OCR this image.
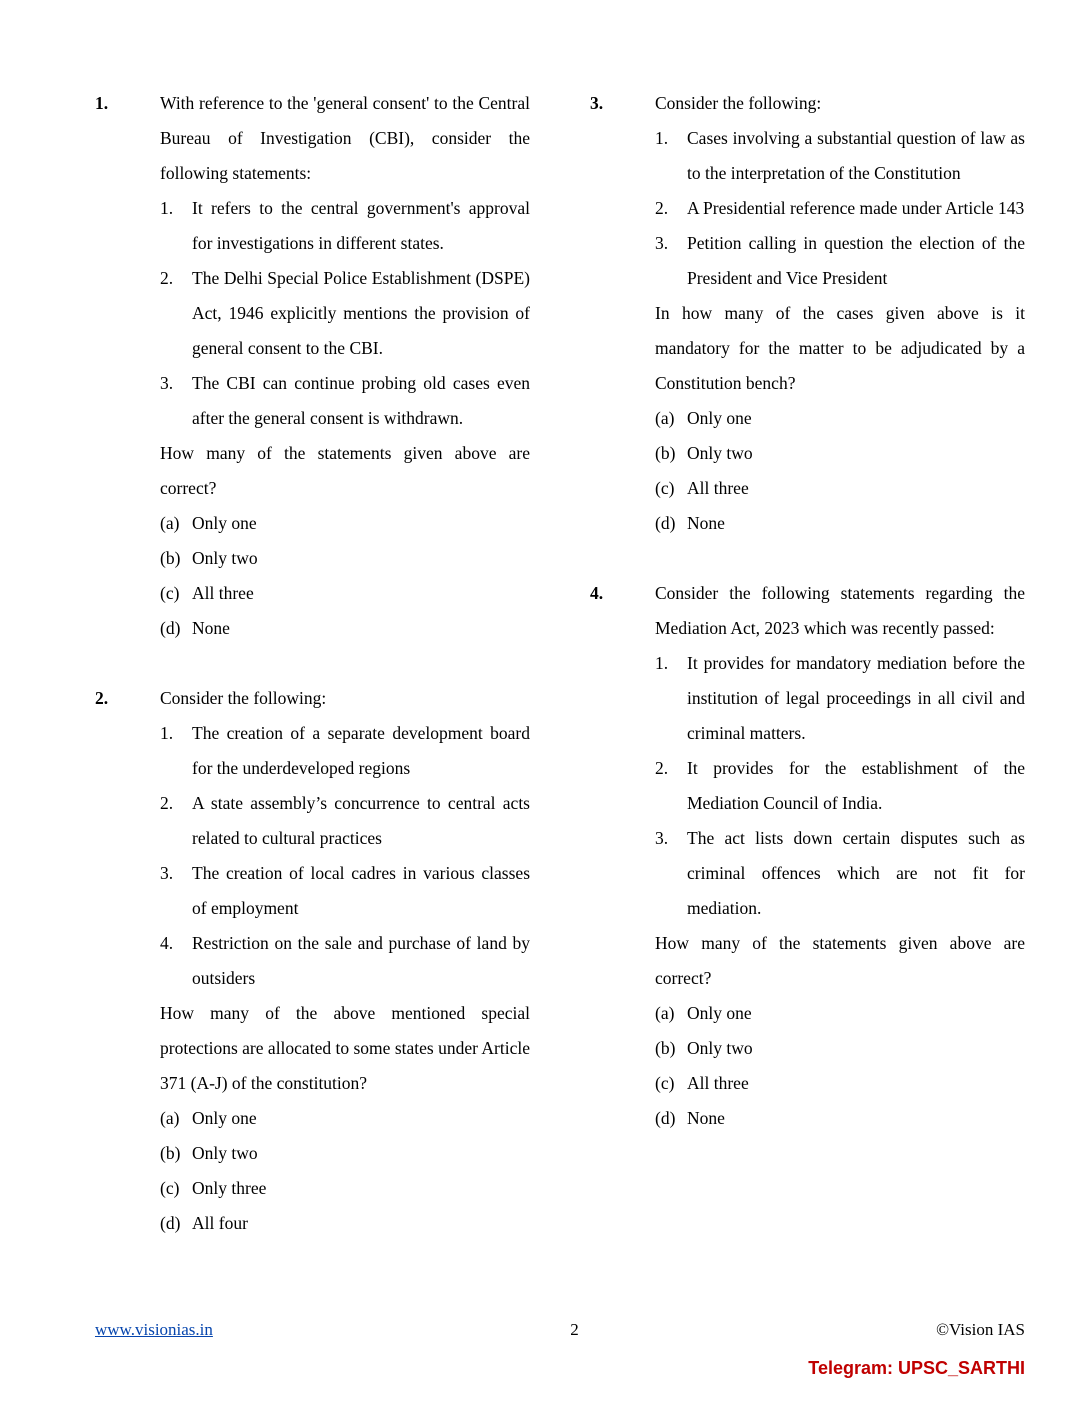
1.	With reference to the 'general consent' to the Central Bureau of Investigation (CBI), consider the following statements:

1.	It refers to the central government's approval for investigations in different states.
2.	The Delhi Special Police Establishment (DSPE) Act, 1946 explicitly mentions the provision of general consent to the CBI.
3.	The CBI can continue probing old cases even after the general consent is withdrawn.

How many of the statements given above are correct?

(a) Only one
(b) Only two
(c) All three
(d) None
2.	Consider the following:

1.	The creation of a separate development board for the underdeveloped regions
2.	A state assembly’s concurrence to central acts related to cultural practices
3.	The creation of local cadres in various classes of employment
4.	Restriction on the sale and purchase of land by outsiders

How many of the above mentioned special protections are allocated to some states under Article 371 (A-J) of the constitution?

(a) Only one
(b) Only two
(c) Only three
(d) All four
3.	Consider the following:

1.	Cases involving a substantial question of law as to the interpretation of the Constitution
2.	A Presidential reference made under Article 143
3.	Petition calling in question the election of the President and Vice President

In how many of the cases given above is it mandatory for the matter to be adjudicated by a Constitution bench?

(a) Only one
(b) Only two
(c) All three
(d) None
4.	Consider the following statements regarding the Mediation Act, 2023 which was recently passed:

1.	It provides for mandatory mediation before the institution of legal proceedings in all civil and criminal matters.
2.	It provides for the establishment of the Mediation Council of India.
3.	The act lists down certain disputes such as criminal offences which are not fit for mediation.

How many of the statements given above are correct?

(a) Only one
(b) Only two
(c) All three
(d) None
www.visionias.in	2	©Vision IAS
Telegram: UPSC_SARTHI
